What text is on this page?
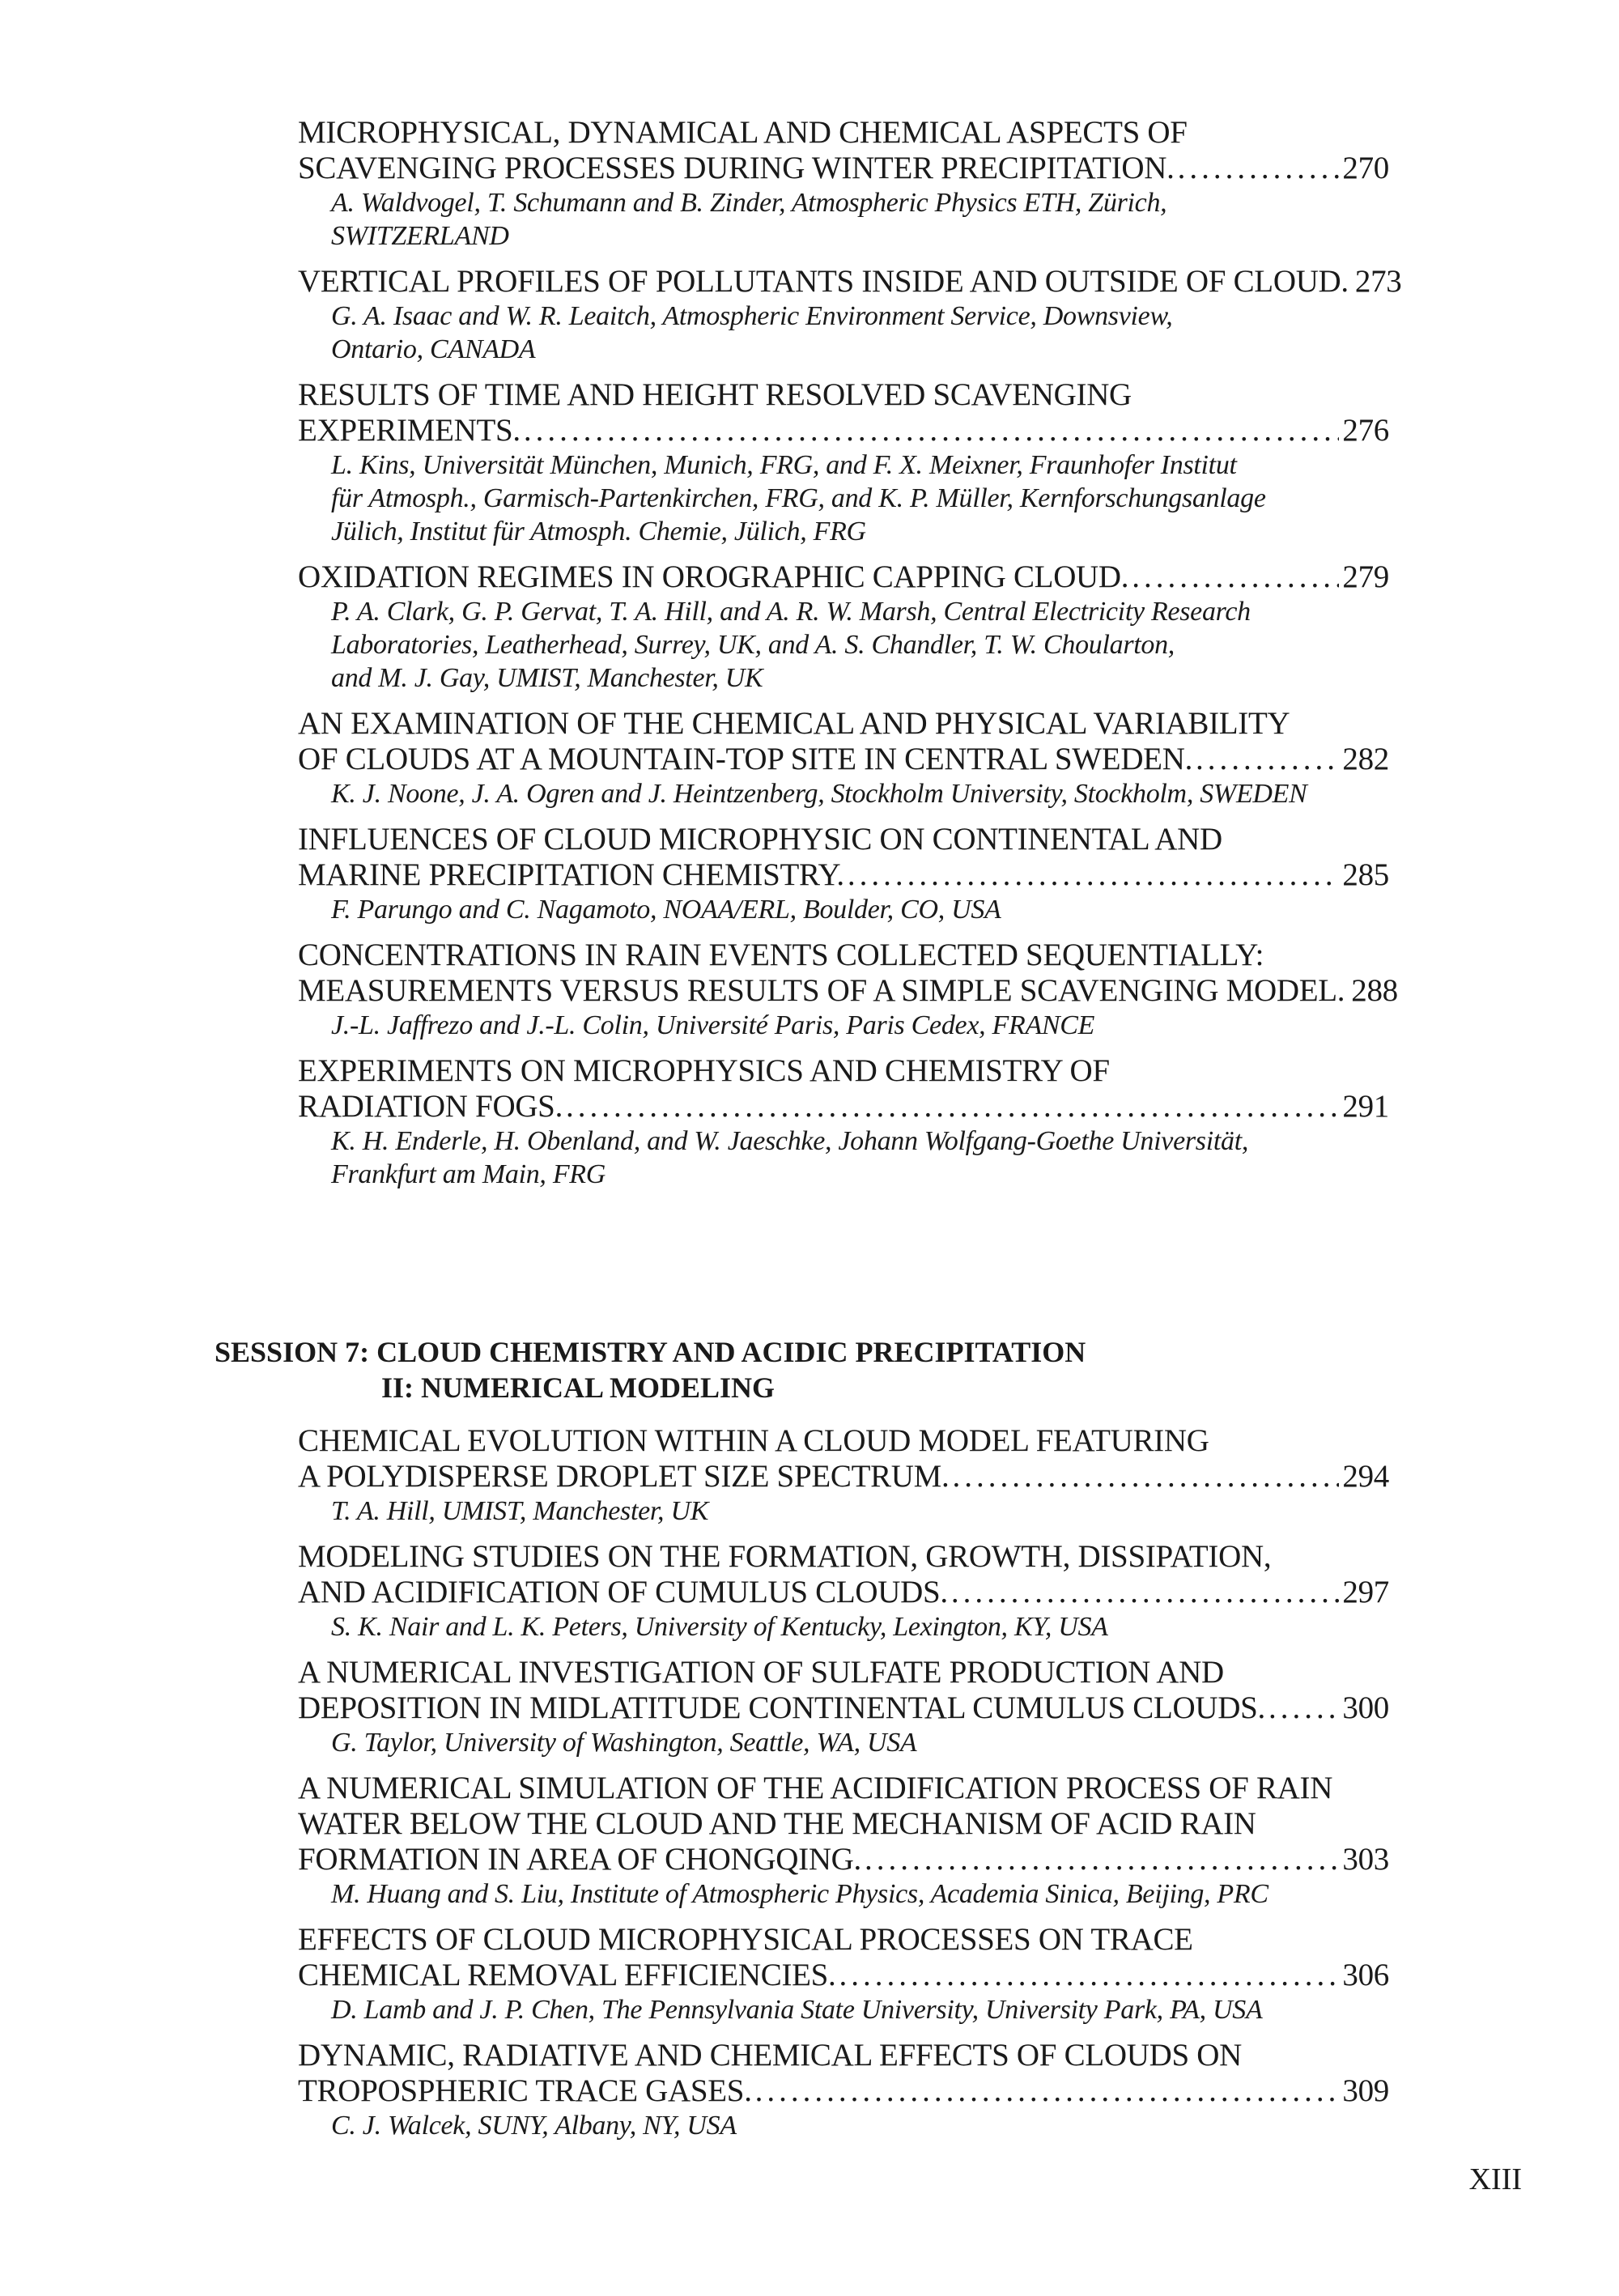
MICROPHYSICAL, DYNAMICAL AND CHEMICAL ASPECTS OF
SCAVENGING PROCESSES DURING WINTER PRECIPITATION. .....	270
A. Waldvogel, T. Schumann and B. Zinder, Atmospheric Physics ETH, Zürich,
SWITZERLAND
VERTICAL PROFILES OF POLLUTANTS INSIDE AND OUTSIDE OF CLOUD. 273
G. A. Isaac and W. R. Leaitch, Atmospheric Environment Service, Downsview,
Ontario, CANADA
RESULTS OF TIME AND HEIGHT RESOLVED SCAVENGING
EXPERIMENTS. .....	276
L. Kins, Universität München, Munich, FRG, and F. X. Meixner, Fraunhofer Institut
für Atmosph., Garmisch-Partenkirchen, FRG, and K. P. Müller, Kernforschungsanlage
Jülich, Institut für Atmosph. Chemie, Jülich, FRG
OXIDATION REGIMES IN OROGRAPHIC CAPPING CLOUD. .....	279
P. A. Clark, G. P. Gervat, T. A. Hill, and A. R. W. Marsh, Central Electricity Research
Laboratories, Leatherhead, Surrey, UK, and A. S. Chandler, T. W. Choularton,
and M. J. Gay, UMIST, Manchester, UK
AN EXAMINATION OF THE CHEMICAL AND PHYSICAL VARIABILITY
OF CLOUDS AT A MOUNTAIN-TOP SITE IN CENTRAL SWEDEN. .....	282
K. J. Noone, J. A. Ogren and J. Heintzenberg, Stockholm University, Stockholm, SWEDEN
INFLUENCES OF CLOUD MICROPHYSIC ON CONTINENTAL AND
MARINE PRECIPITATION CHEMISTRY. .....	285
F. Parungo and C. Nagamoto, NOAA/ERL, Boulder, CO, USA
CONCENTRATIONS IN RAIN EVENTS COLLECTED SEQUENTIALLY:
MEASUREMENTS VERSUS RESULTS OF A SIMPLE SCAVENGING MODEL. 288
J.-L. Jaffrezo and J.-L. Colin, Université Paris, Paris Cedex, FRANCE
EXPERIMENTS ON MICROPHYSICS AND CHEMISTRY OF
RADIATION FOGS. .....	291
K. H. Enderle, H. Obenland, and W. Jaeschke, Johann Wolfgang-Goethe Universität,
Frankfurt am Main, FRG
SESSION 7: CLOUD CHEMISTRY AND ACIDIC PRECIPITATION
II: NUMERICAL MODELING
CHEMICAL EVOLUTION WITHIN A CLOUD MODEL FEATURING
A POLYDISPERSE DROPLET SIZE SPECTRUM. .....	294
T. A. Hill, UMIST, Manchester, UK
MODELING STUDIES ON THE FORMATION, GROWTH, DISSIPATION,
AND ACIDIFICATION OF CUMULUS CLOUDS. .....	297
S. K. Nair and L. K. Peters, University of Kentucky, Lexington, KY, USA
A NUMERICAL INVESTIGATION OF SULFATE PRODUCTION AND
DEPOSITION IN MIDLATITUDE CONTINENTAL CUMULUS CLOUDS. ..... 300
G. Taylor, University of Washington, Seattle, WA, USA
A NUMERICAL SIMULATION OF THE ACIDIFICATION PROCESS OF RAIN
WATER BELOW THE CLOUD AND THE MECHANISM OF ACID RAIN
FORMATION IN AREA OF CHONGQING. .....	303
M. Huang and S. Liu, Institute of Atmospheric Physics, Academia Sinica, Beijing, PRC
EFFECTS OF CLOUD MICROPHYSICAL PROCESSES ON TRACE
CHEMICAL REMOVAL EFFICIENCIES. .....	306
D. Lamb and J. P. Chen, The Pennsylvania State University, University Park, PA, USA
DYNAMIC, RADIATIVE AND CHEMICAL EFFECTS OF CLOUDS ON
TROPOSPHERIC TRACE GASES. .....	309
C. J. Walcek, SUNY, Albany, NY, USA
XIII
